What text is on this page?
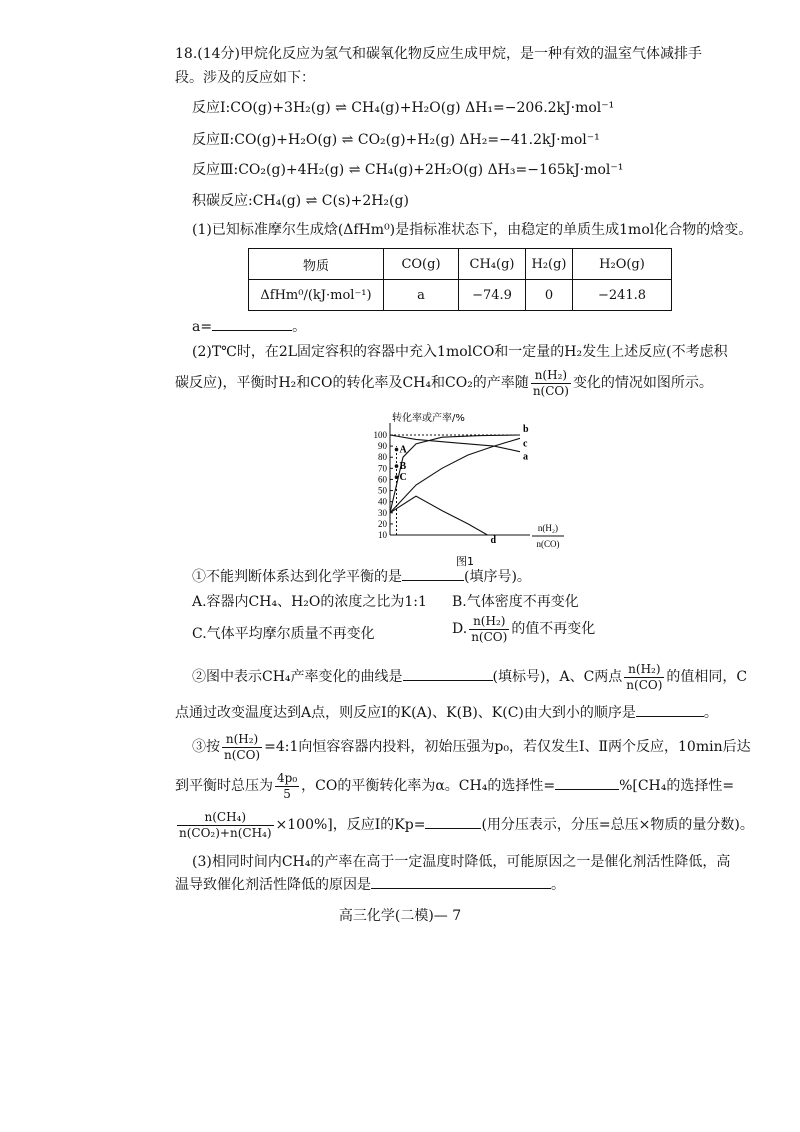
18.(14分)甲烷化反应为氢气和碳氧化物反应生成甲烷，是一种有效的温室气体减排手
段。涉及的反应如下：
反应Ⅰ:CO(g)+3H₂(g) ⇌ CH₄(g)+H₂O(g) ΔH₁=−206.2kJ·mol⁻¹
反应Ⅱ:CO(g)+H₂O(g) ⇌ CO₂(g)+H₂(g) ΔH₂=−41.2kJ·mol⁻¹
反应Ⅲ:CO₂(g)+4H₂(g) ⇌ CH₄(g)+2H₂O(g) ΔH₃=−165kJ·mol⁻¹
积碳反应:CH₄(g) ⇌ C(s)+2H₂(g)
(1)已知标准摩尔生成焓(ΔfHm⁰)是指标准状态下，由稳定的单质生成1mol化合物的焓变。
物质	CO(g)	CH₄(g)	H₂(g)	H₂O(g)
ΔfHm⁰/(kJ·mol⁻¹)	a	−74.9	0	−241.8
a=	。
(2)T℃时，在2L固定容积的容器中充入1molCO和一定量的H₂发生上述反应(不考虑积
碳反应)，平衡时H₂和CO的转化率及CH₄和CO₂的产率随 $\frac{\text{n(H₂)}}{n(CO)}$ 变化的情况如图所示。
10
20
30
40
50
60
70
80
90
100
转化率或产率/%
n(H₂)
n(CO)
图1
a
b
c
d
A
B
C
①不能判断体系达到化学平衡的是	(填序号)。
A.容器内CH₄、H₂O的浓度之比为1:1 B.气体密度不再变化
C.气体平均摩尔质量不再变化	D. $\frac{\text{n(H₂)}}{n(CO)}$ 的值不再变化
②图中表示CH₄产率变化的曲线是	(填标号)，A、C两点 $\frac{\text{n(H₂)}}{n(CO)}$ 的值相同，C
点通过改变温度达到A点，则反应Ⅰ的K(A)、K(B)、K(C)由大到小的顺序是	。
③按 $\frac{\text{n(H₂)}}{n(CO)}$ =4:1向恒容容器内投料，初始压强为p₀，若仅发生Ⅰ、Ⅱ两个反应，10min后达
到平衡时总压为 $\frac{\text{4p₀}}{5}$ ，CO的平衡转化率为α。CH₄的选择性=	%[CH₄的选择性=
$\frac{\text{n(CH₄)}}{\text{n(CO₂)+n(CH₄)}} \times 100\%$]，反应Ⅰ的Kp=	(用分压表示，分压=总压×物质的量分数)。
(3)相同时间内CH₄的产率在高于一定温度时降低，可能原因之一是催化剂活性降低，高
温导致催化剂活性降低的原因是	。
高三化学(二模)— 7
